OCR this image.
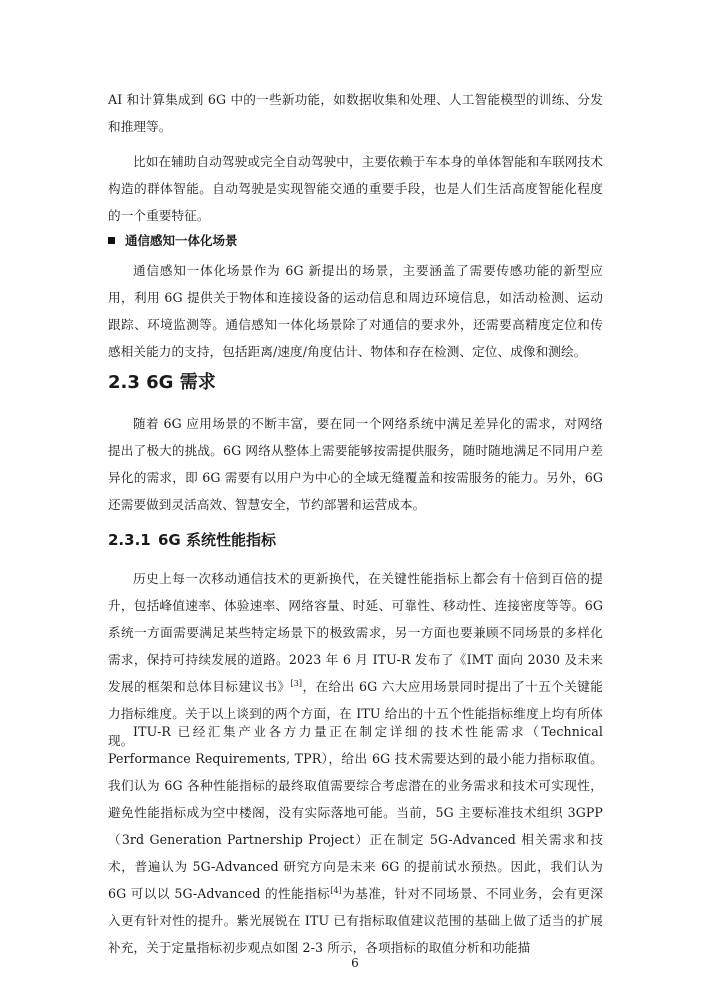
AI 和计算集成到 6G 中的一些新功能，如数据收集和处理、人工智能模型的训练、分发和推理等。

比如在辅助自动驾驶或完全自动驾驶中，主要依赖于车本身的单体智能和车联网技术构造的群体智能。自动驾驶是实现智能交通的重要手段，也是人们生活高度智能化程度的一个重要特征。

通信感知一体化场景

通信感知一体化场景作为 6G 新提出的场景，主要涵盖了需要传感功能的新型应用，利用 6G 提供关于物体和连接设备的运动信息和周边环境信息，如活动检测、运动跟踪、环境监测等。通信感知一体化场景除了对通信的要求外，还需要高精度定位和传感相关能力的支持，包括距离/速度/角度估计、物体和存在检测、定位、成像和测绘。

2.3 6G 需求

随着 6G 应用场景的不断丰富，要在同一个网络系统中满足差异化的需求，对网络提出了极大的挑战。6G 网络从整体上需要能够按需提供服务，随时随地满足不同用户差异化的需求，即 6G 需要有以用户为中心的全域无缝覆盖和按需服务的能力。另外，6G 还需要做到灵活高效、智慧安全，节约部署和运营成本。

2.3.1 6G 系统性能指标

历史上每一次移动通信技术的更新换代，在关键性能指标上都会有十倍到百倍的提升，包括峰值速率、体验速率、网络容量、时延、可靠性、移动性、连接密度等等。6G 系统一方面需要满足某些特定场景下的极致需求，另一方面也要兼顾不同场景的多样化需求，保持可持续发展的道路。2023 年 6 月 ITU-R 发布了《IMT 面向 2030 及未来发展的框架和总体目标建议书》[3]，在给出 6G 六大应用场景同时提出了十五个关键能力指标维度。关于以上谈到的两个方面，在 ITU 给出的十五个性能指标维度上均有所体现。

ITU-R 已经汇集产业各方力量正在制定详细的技术性能需求（Technical Performance Requirements, TPR），给出 6G 技术需要达到的最小能力指标取值。我们认为 6G 各种性能指标的最终取值需要综合考虑潜在的业务需求和技术可实现性，避免性能指标成为空中楼阁，没有实际落地可能。当前，5G 主要标准技术组织 3GPP（3rd Generation Partnership Project）正在制定 5G-Advanced 相关需求和技术，普遍认为 5G-Advanced 研究方向是未来 6G 的提前试水预热。因此，我们认为 6G 可以以 5G-Advanced 的性能指标[4]为基准，针对不同场景、不同业务，会有更深入更有针对性的提升。紫光展锐在 ITU 已有指标取值建议范围的基础上做了适当的扩展补充，关于定量指标初步观点如图 2-3 所示，各项指标的取值分析和功能描

6
